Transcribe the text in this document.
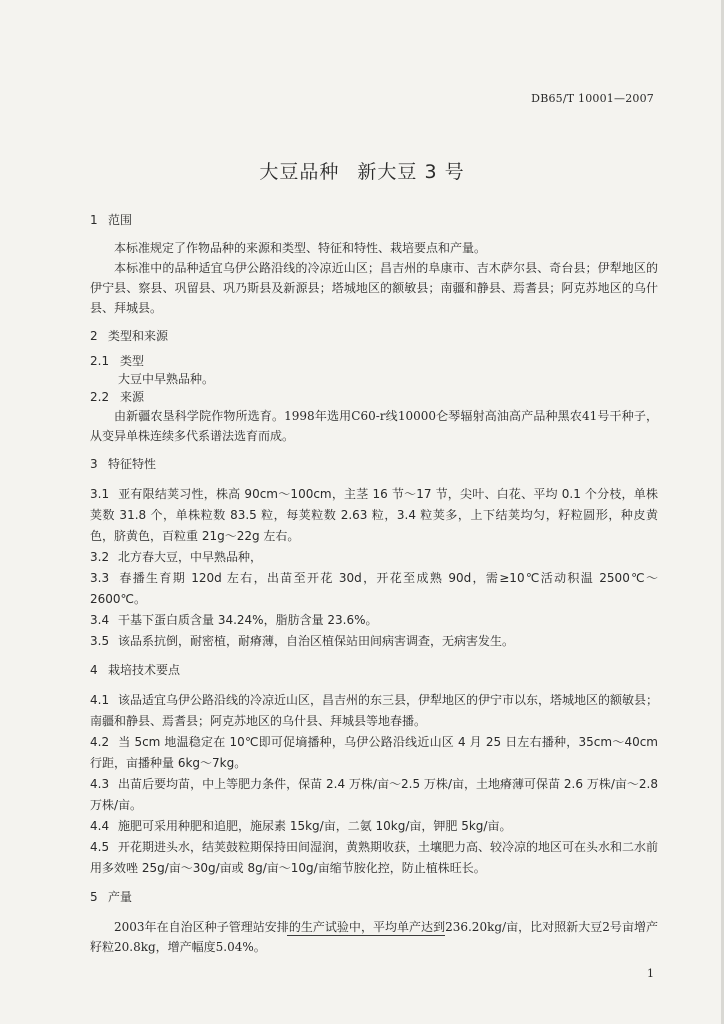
DB65/T 10001—2007
大豆品种 新大豆 3 号
1 范围

本标准规定了作物品种的来源和类型、特征和特性、栽培要点和产量。

本标准中的品种适宜乌伊公路沿线的冷凉近山区；昌吉州的阜康市、吉木萨尔县、奇台县；伊犁地区的伊宁县、察县、巩留县、巩乃斯县及新源县；塔城地区的额敏县；南疆和静县、焉耆县；阿克苏地区的乌什县、拜城县。

2 类型和来源
2.1 类型
大豆中早熟品种。
2.2 来源

由新疆农垦科学院作物所选育。1998年选用C60-r线10000仑琴辐射高油高产品种黑农41号干种子，从变异单株连续多代系谱法选育而成。

3 特征特性

3.1 亚有限结荚习性，株高 90cm～100cm，主茎 16 节～17 节，尖叶、白花、平均 0.1 个分枝，单株荚数 31.8 个，单株粒数 83.5 粒，每荚粒数 2.63 粒，3.4 粒荚多，上下结荚均匀，籽粒圆形，种皮黄色，脐黄色，百粒重 21g～22g 左右。

3.2 北方春大豆，中早熟品种，

3.3 春播生育期 120d 左右，出苗至开花 30d，开花至成熟 90d，需≥10℃活动积温 2500℃～2600℃。

3.4 干基下蛋白质含量 34.24%，脂肪含量 23.6%。

3.5 该品系抗倒，耐密植，耐瘠薄，自治区植保站田间病害调查，无病害发生。

4 栽培技术要点

4.1 该品适宜乌伊公路沿线的冷凉近山区，昌吉州的东三县，伊犁地区的伊宁市以东，塔城地区的额敏县；南疆和静县、焉耆县；阿克苏地区的乌什县、拜城县等地春播。

4.2 当 5cm 地温稳定在 10℃即可促墒播种，乌伊公路沿线近山区 4 月 25 日左右播种，35cm～40cm 行距，亩播种量 6kg～7kg。

4.3 出苗后要均苗，中上等肥力条件，保苗 2.4 万株/亩～2.5 万株/亩，土地瘠薄可保苗 2.6 万株/亩～2.8 万株/亩。

4.4 施肥可采用种肥和追肥，施尿素 15kg/亩，二氨 10kg/亩，钾肥 5kg/亩。

4.5 开花期进头水，结荚鼓粒期保持田间湿润，黄熟期收获，土壤肥力高、较冷凉的地区可在头水和二水前用多效唑 25g/亩～30g/亩或 8g/亩～10g/亩缩节胺化控，防止植株旺长。

5 产量

2003年在自治区种子管理站安排的生产试验中，平均单产达到236.20kg/亩，比对照新大豆2号亩增产籽粒20.8kg，增产幅度5.04%。

1
